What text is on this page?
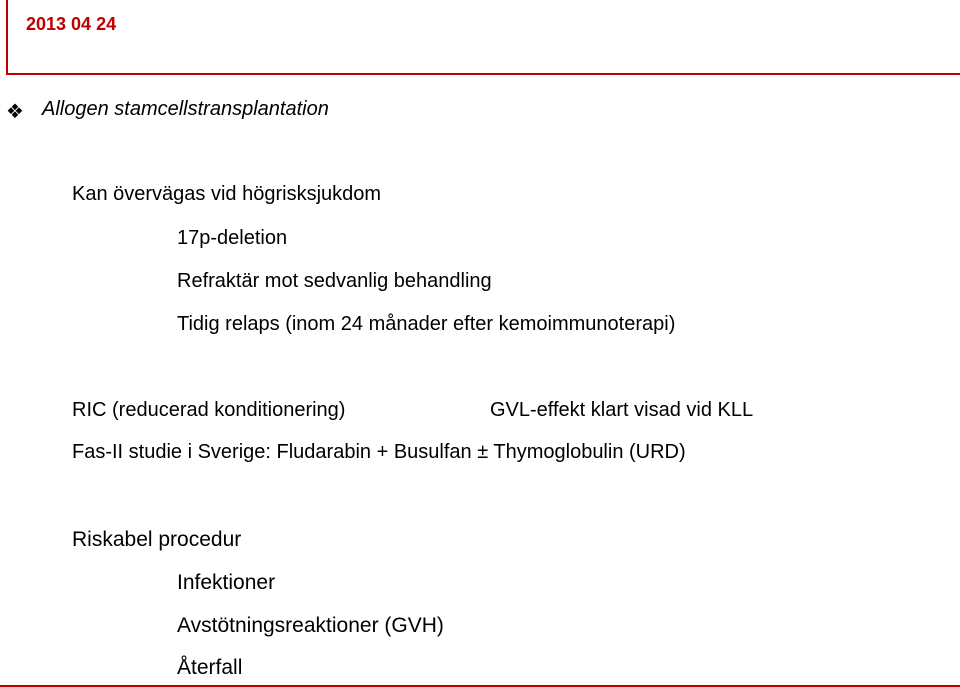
2013 04 24
❖ Allogen stamcellstransplantation
Kan övervägas vid högrisksjukdom
17p-deletion
Refraktär mot sedvanlig behandling
Tidig relaps (inom 24 månader efter kemoimmunoterapi)
RIC (reducerad konditionering)	GVL-effekt klart visad vid KLL
Fas-II studie i Sverige: Fludarabin + Busulfan ± Thymoglobulin (URD)
Riskabel procedur
Infektioner
Avstötningsreaktioner (GVH)
Återfall
